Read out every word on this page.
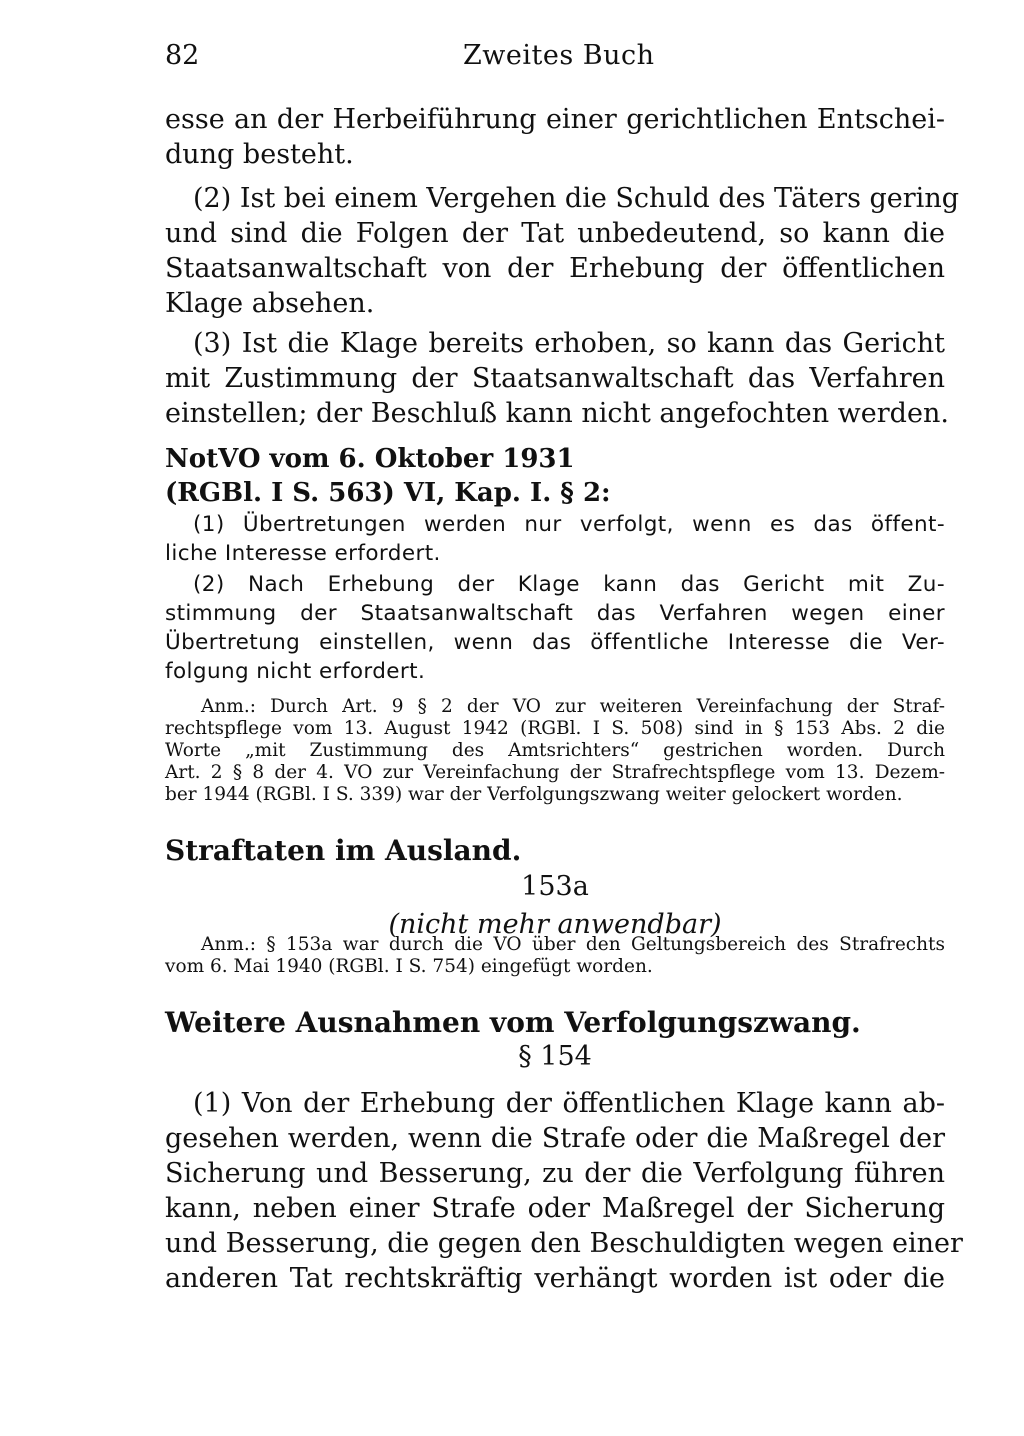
82	Zweites Buch
esse an der Herbeiführung einer gerichtlichen Entschei-
dung besteht.
(2) Ist bei einem Vergehen die Schuld des Täters gering
und sind die Folgen der Tat unbedeutend, so kann die
Staatsanwaltschaft von der Erhebung der öffentlichen
Klage absehen.
(3) Ist die Klage bereits erhoben, so kann das Gericht
mit Zustimmung der Staatsanwaltschaft das Verfahren
einstellen; der Beschluß kann nicht angefochten werden.
NotVO vom 6. Oktober 1931
(RGBl. I S. 563) VI, Kap. I. § 2:
(1) Übertretungen werden nur verfolgt, wenn es das öffent-
liche Interesse erfordert.
(2) Nach Erhebung der Klage kann das Gericht mit Zu-
stimmung der Staatsanwaltschaft das Verfahren wegen einer
Übertretung einstellen, wenn das öffentliche Interesse die Ver-
folgung nicht erfordert.
Anm.: Durch Art. 9 § 2 der VO zur weiteren Vereinfachung der Straf-
rechtspflege vom 13. August 1942 (RGBl. I S. 508) sind in § 153 Abs. 2 die
Worte „mit Zustimmung des Amtsrichters“ gestrichen worden. Durch
Art. 2 § 8 der 4. VO zur Vereinfachung der Strafrechtspflege vom 13. Dezem-
ber 1944 (RGBl. I S. 339) war der Verfolgungszwang weiter gelockert worden.
Straftaten im Ausland.
153a
(nicht mehr anwendbar)
Anm.: § 153a war durch die VO über den Geltungsbereich des Strafrechts
vom 6. Mai 1940 (RGBl. I S. 754) eingefügt worden.
Weitere Ausnahmen vom Verfolgungszwang.
§ 154
(1) Von der Erhebung der öffentlichen Klage kann ab-
gesehen werden, wenn die Strafe oder die Maßregel der
Sicherung und Besserung, zu der die Verfolgung führen
kann, neben einer Strafe oder Maßregel der Sicherung
und Besserung, die gegen den Beschuldigten wegen einer
anderen Tat rechtskräftig verhängt worden ist oder die
